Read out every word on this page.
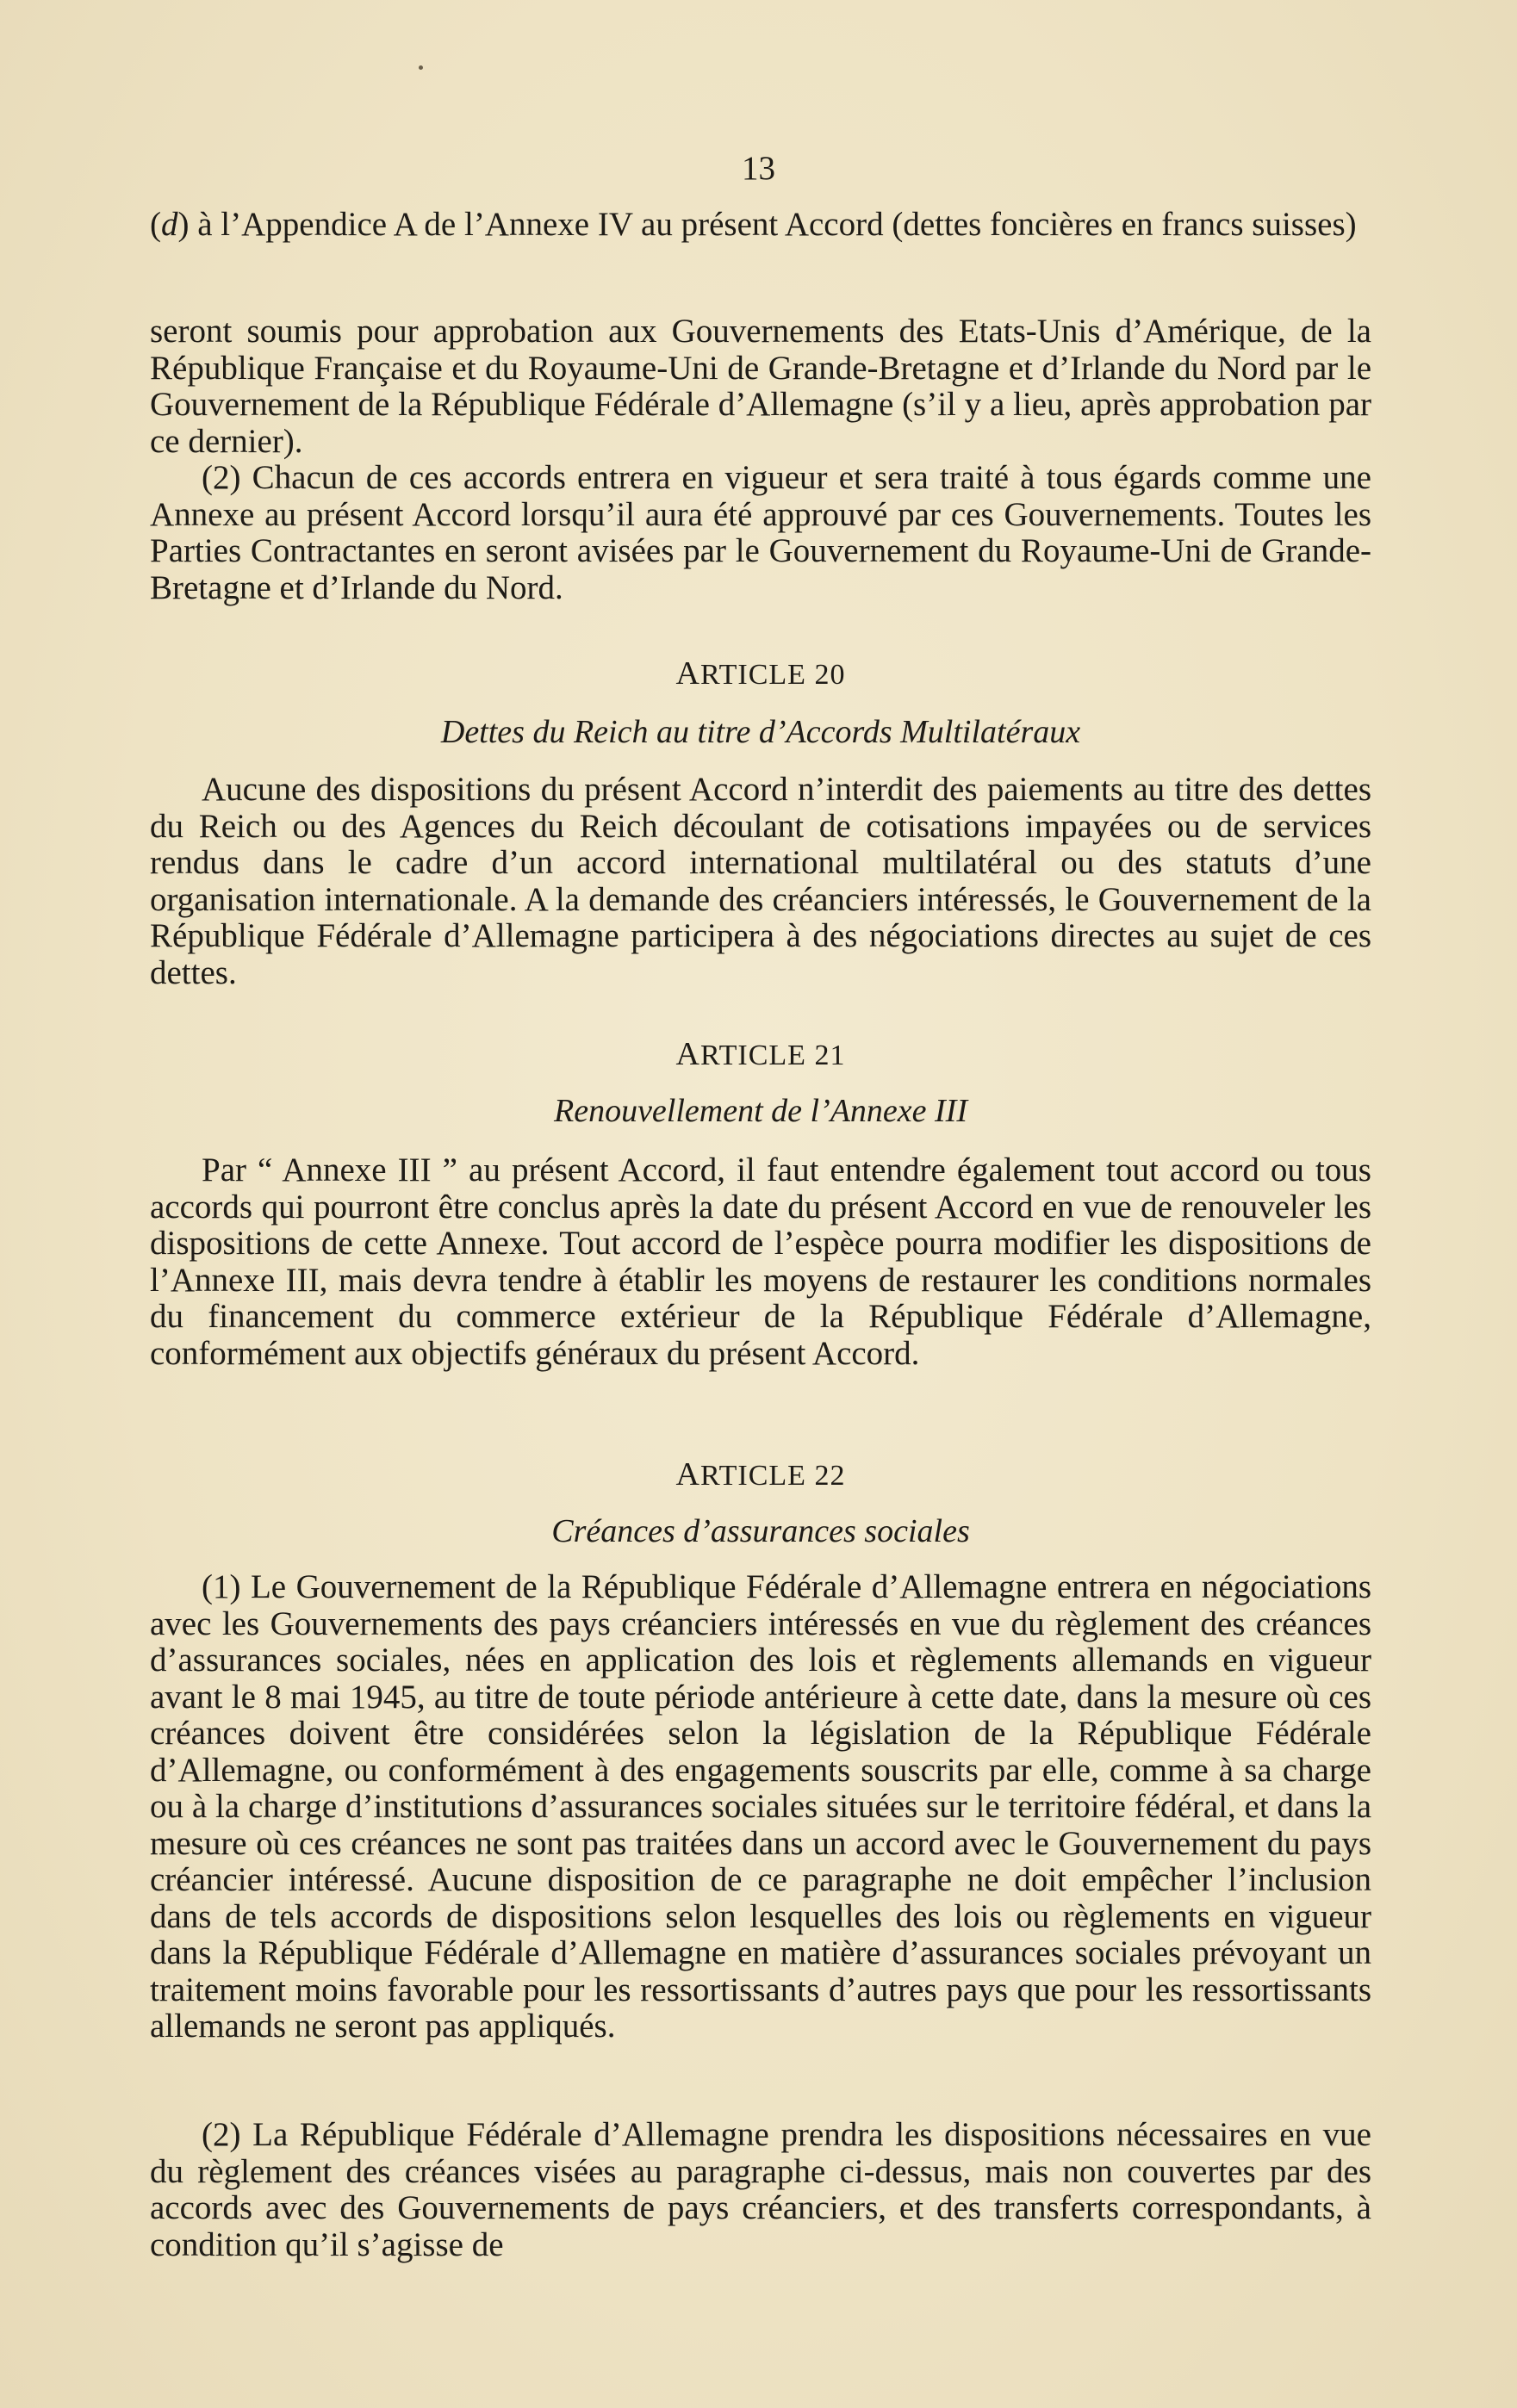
13

(d) à l’Appendice A de l’Annexe IV au présent Accord (dettes foncières en francs suisses)

seront soumis pour approbation aux Gouvernements des Etats-Unis d’Amérique, de la République Française et du Royaume-Uni de Grande-Bretagne et d’Irlande du Nord par le Gouvernement de la République Fédérale d’Allemagne (s’il y a lieu, après approbation par ce dernier).

(2) Chacun de ces accords entrera en vigueur et sera traité à tous égards comme une Annexe au présent Accord lorsqu’il aura été approuvé par ces Gouvernements. Toutes les Parties Contractantes en seront avisées par le Gouvernement du Royaume-Uni de Grande-Bretagne et d’Irlande du Nord.

ARTICLE 20
Dettes du Reich au titre d’Accords Multilatéraux

Aucune des dispositions du présent Accord n’interdit des paiements au titre des dettes du Reich ou des Agences du Reich découlant de cotisations impayées ou de services rendus dans le cadre d’un accord international multilatéral ou des statuts d’une organisation internationale. A la demande des créanciers intéressés, le Gouvernement de la République Fédérale d’Allemagne participera à des négociations directes au sujet de ces dettes.

ARTICLE 21
Renouvellement de l’Annexe III

Par “ Annexe III ” au présent Accord, il faut entendre également tout accord ou tous accords qui pourront être conclus après la date du présent Accord en vue de renouveler les dispositions de cette Annexe. Tout accord de l’espèce pourra modifier les dispositions de l’Annexe III, mais devra tendre à établir les moyens de restaurer les conditions normales du financement du commerce extérieur de la République Fédérale d’Allemagne, conformément aux objectifs généraux du présent Accord.

ARTICLE 22
Créances d’assurances sociales

(1) Le Gouvernement de la République Fédérale d’Allemagne entrera en négociations avec les Gouvernements des pays créanciers intéressés en vue du règlement des créances d’assurances sociales, nées en application des lois et règlements allemands en vigueur avant le 8 mai 1945, au titre de toute période antérieure à cette date, dans la mesure où ces créances doivent être considérées selon la législation de la République Fédérale d’Allemagne, ou conformément à des engagements souscrits par elle, comme à sa charge ou à la charge d’institutions d’assurances sociales situées sur le territoire fédéral, et dans la mesure où ces créances ne sont pas traitées dans un accord avec le Gouvernement du pays créancier intéressé. Aucune disposition de ce paragraphe ne doit empêcher l’inclusion dans de tels accords de dispositions selon lesquelles des lois ou règlements en vigueur dans la République Fédérale d’Allemagne en matière d’assurances sociales prévoyant un traitement moins favorable pour les ressortissants d’autres pays que pour les ressortissants allemands ne seront pas appliqués.

(2) La République Fédérale d’Allemagne prendra les dispositions nécessaires en vue du règlement des créances visées au paragraphe ci-dessus, mais non couvertes par des accords avec des Gouvernements de pays créanciers, et des transferts correspondants, à condition qu’il s’agisse de
